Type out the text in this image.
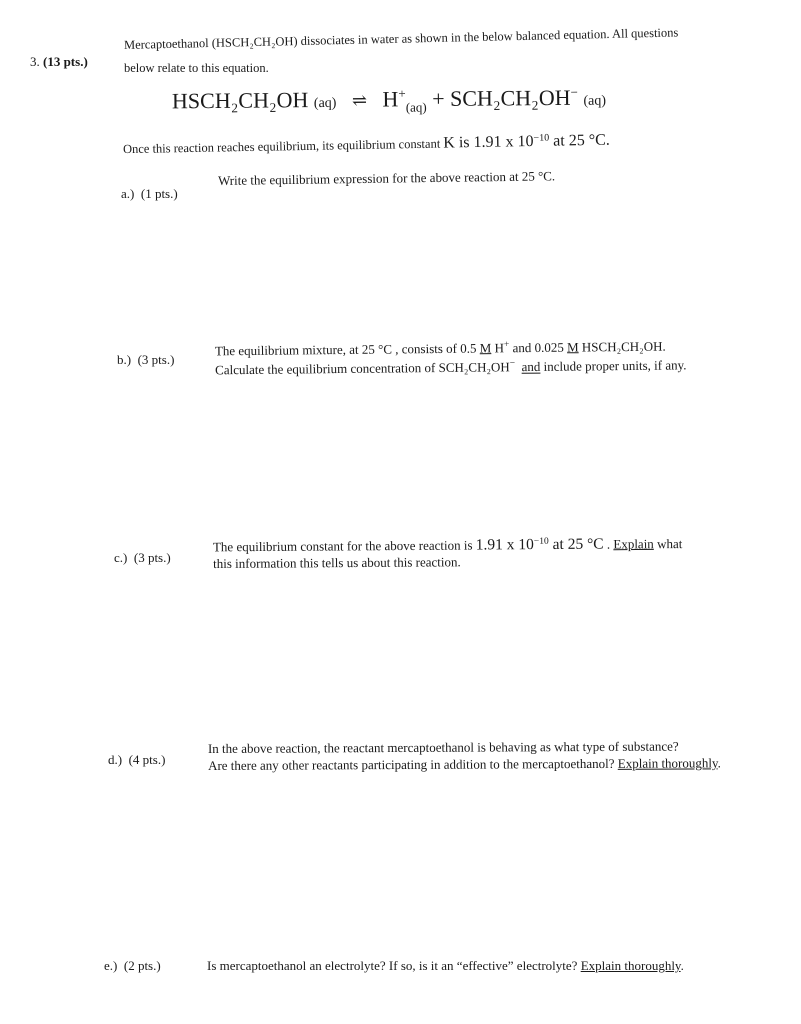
3. (13 pts.)
Mercaptoethanol (HSCH₂CH₂OH) dissociates in water as shown in the below balanced equation. All questions
below relate to this equation.
HSCH₂CH₂OH (aq) ⇌ $H^+_{(aq)} + SCH_2CH_2OH^-$ (aq)
Once this reaction reaches equilibrium, its equilibrium constant K is 1.91 x $10^{-10}$ at 25 °C.
a.) (1 pts.)
Write the equilibrium expression for the above reaction at 25 °C.
b.) (3 pts.)
The equilibrium mixture, at 25 °C , consists of 0.5 M H+ and 0.025 M HSCH₂CH₂OH.
Calculate the equilibrium concentration of SCH₂CH₂OH− and include proper units, if any.
c.) (3 pts.)
The equilibrium constant for the above reaction is 1.91 x $10^{-10}$ at 25 °C . Explain what
this information this tells us about this reaction.
d.) (4 pts.)
In the above reaction, the reactant mercaptoethanol is behaving as what type of substance?
Are there any other reactants participating in addition to the mercaptoethanol? Explain thoroughly.
e.) (2 pts.)	Is mercaptoethanol an electrolyte? If so, is it an “effective” electrolyte? Explain thoroughly.
